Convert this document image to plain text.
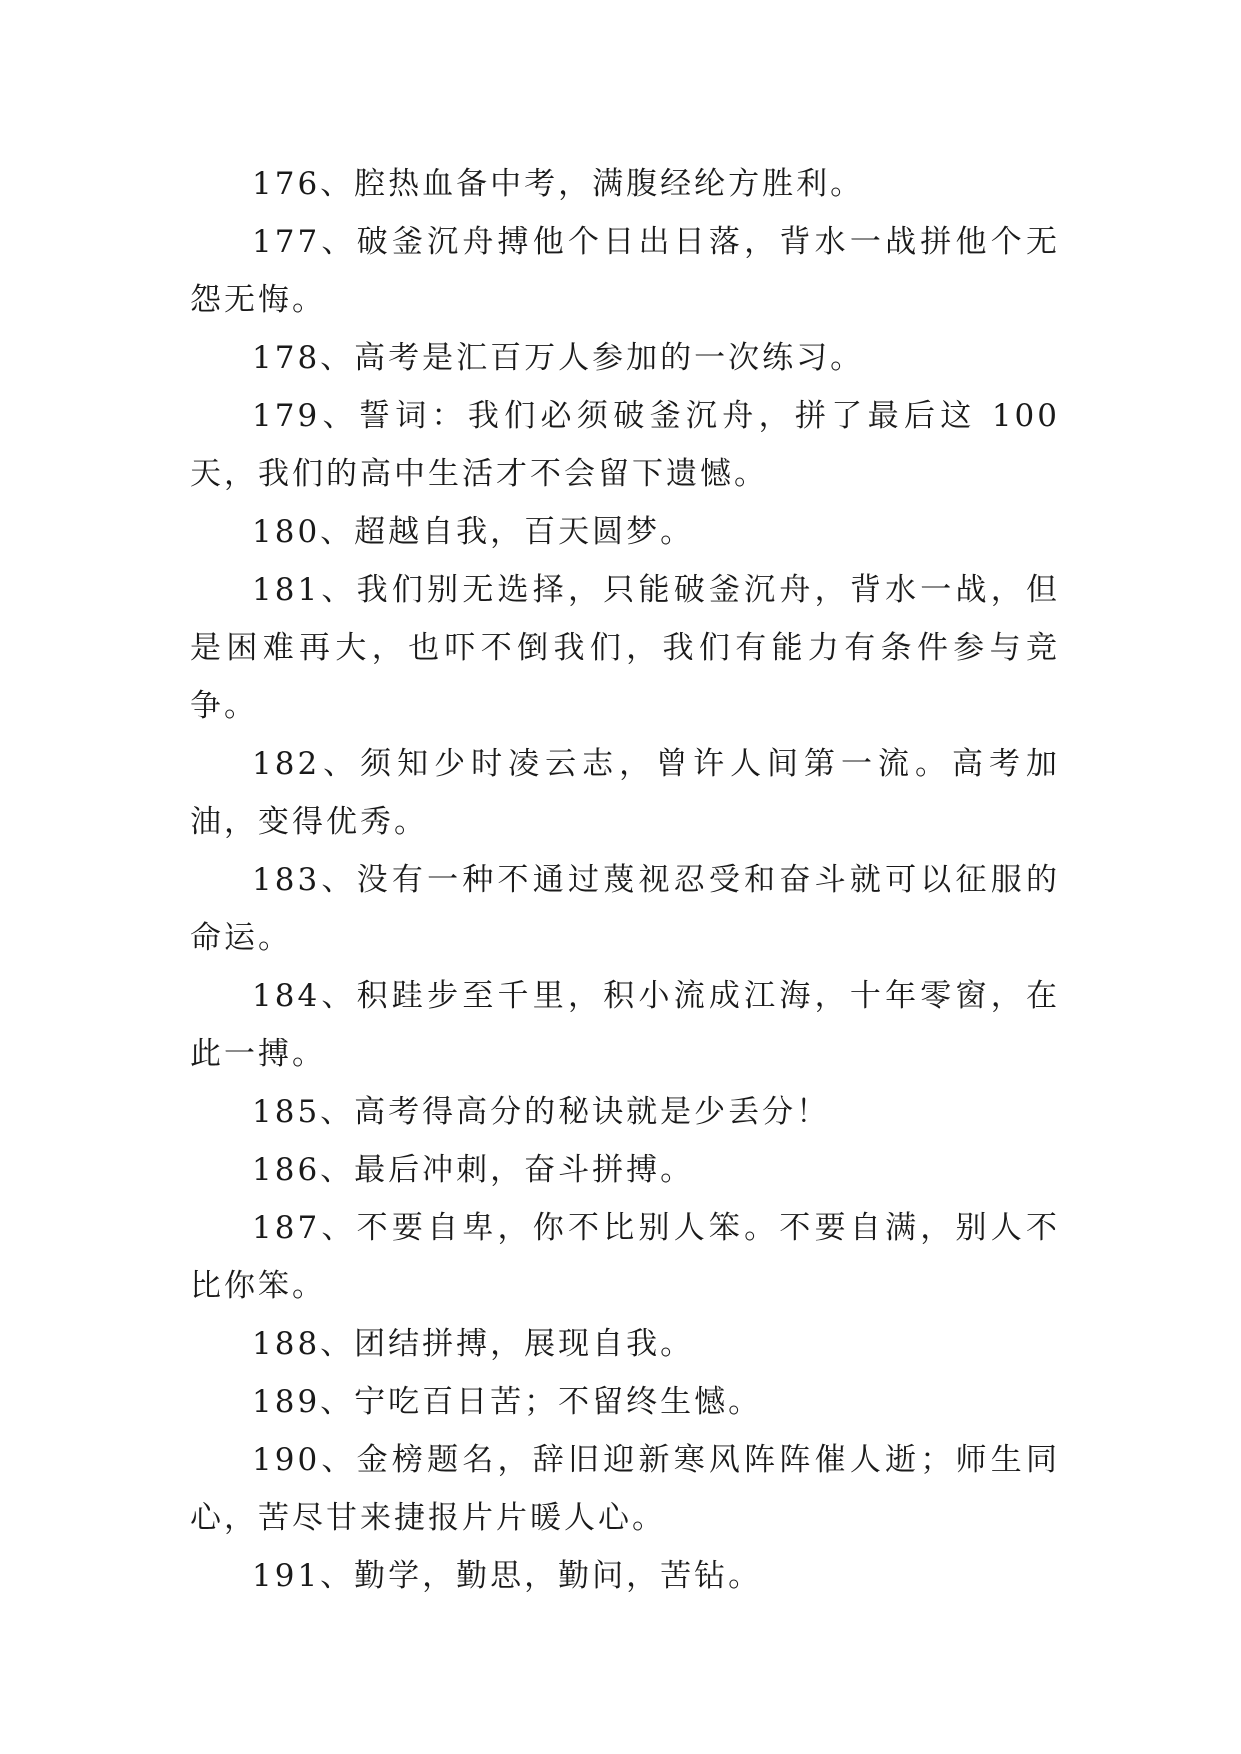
176、腔热血备中考，满腹经纶方胜利。

177、破釜沉舟搏他个日出日落，背水一战拼他个无怨无悔。

178、高考是汇百万人参加的一次练习。

179、誓词：我们必须破釜沉舟，拼了最后这 100 天，我们的高中生活才不会留下遗憾。

180、超越自我，百天圆梦。

181、我们别无选择，只能破釜沉舟，背水一战，但是困难再大，也吓不倒我们，我们有能力有条件参与竞争。

182、须知少时凌云志，曾许人间第一流。高考加油，变得优秀。

183、没有一种不通过蔑视忍受和奋斗就可以征服的命运。

184、积跬步至千里，积小流成江海，十年零窗，在此一搏。

185、高考得高分的秘诀就是少丢分！

186、最后冲刺，奋斗拼搏。

187、不要自卑，你不比别人笨。不要自满，别人不比你笨。

188、团结拼搏，展现自我。

189、宁吃百日苦；不留终生憾。

190、金榜题名，辞旧迎新寒风阵阵催人逝；师生同心，苦尽甘来捷报片片暖人心。

191、勤学，勤思，勤问，苦钻。
